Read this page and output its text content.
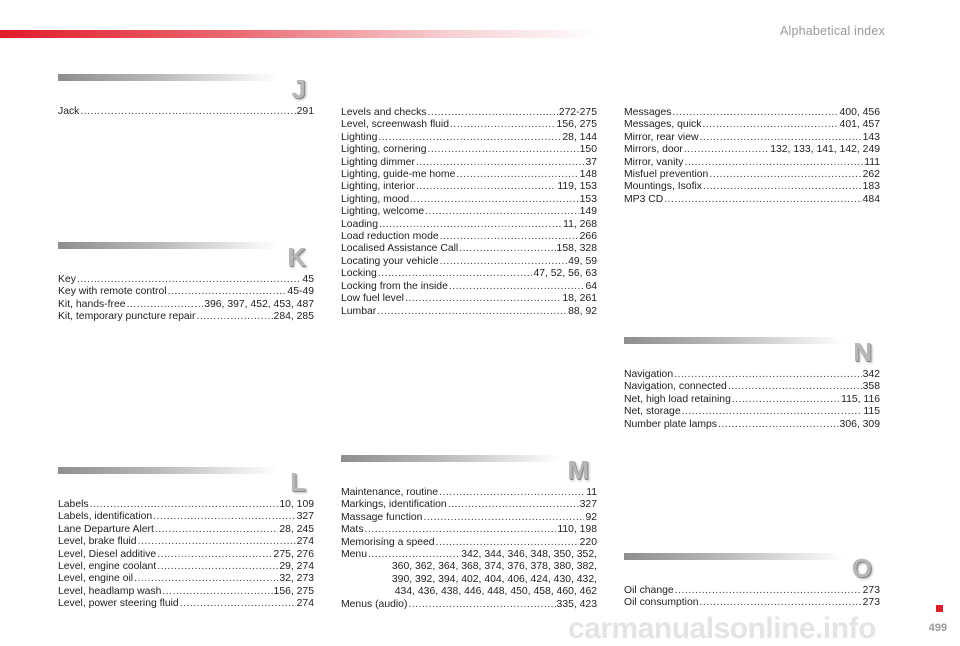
Alphabetical index
J
Jack .....	291
K
Key .....	45
Key with remote control .....	45-49
Kit, hands-free .....	396, 397, 452, 453, 487
Kit, temporary puncture repair .....	284, 285
L
Labels .....	10, 109
Labels, identification .....	327
Lane Departure Alert .....	28, 245
Level, brake fluid .....	274
Level, Diesel additive .....	275, 276
Level, engine coolant .....	29, 274
Level, engine oil .....	32, 273
Level, headlamp wash .....	156, 275
Level, power steering fluid .....	274
Levels and checks .....	272-275
Level, screenwash fluid .....	156, 275
Lighting .....	28, 144
Lighting, cornering .....	150
Lighting dimmer .....	37
Lighting, guide-me home .....	148
Lighting, interior .....	119, 153
Lighting, mood .....	153
Lighting, welcome .....	149
Loading .....	11, 268
Load reduction mode .....	266
Localised Assistance Call .....	158, 328
Locating your vehicle .....	49, 59
Locking .....	47, 52, 56, 63
Locking from the inside .....	64
Low fuel level .....	18, 261
Lumbar .....	88, 92
M
Maintenance, routine .....	11
Markings, identification .....	327
Massage function .....	92
Mats .....	110, 198
Memorising a speed .....	220
Menu .....	342, 344, 346, 348, 350, 352,
360, 362, 364, 368, 374, 376, 378, 380, 382,
390, 392, 394, 402, 404, 406, 424, 430, 432,
434, 436, 438, 446, 448, 450, 458, 460, 462
Menus (audio) .....	335, 423
Messages .....	400, 456
Messages, quick .....	401, 457
Mirror, rear view .....	143
Mirrors, door .....	132, 133, 141, 142, 249
Mirror, vanity .....	111
Misfuel prevention .....	262
Mountings, Isofix .....	183
MP3 CD .....	484
N
Navigation .....	342
Navigation, connected .....	358
Net, high load retaining .....	115, 116
Net, storage .....	115
Number plate lamps .....	306, 309
O
Oil change .....	273
Oil consumption .....	273
carmanualsonline.info	499
